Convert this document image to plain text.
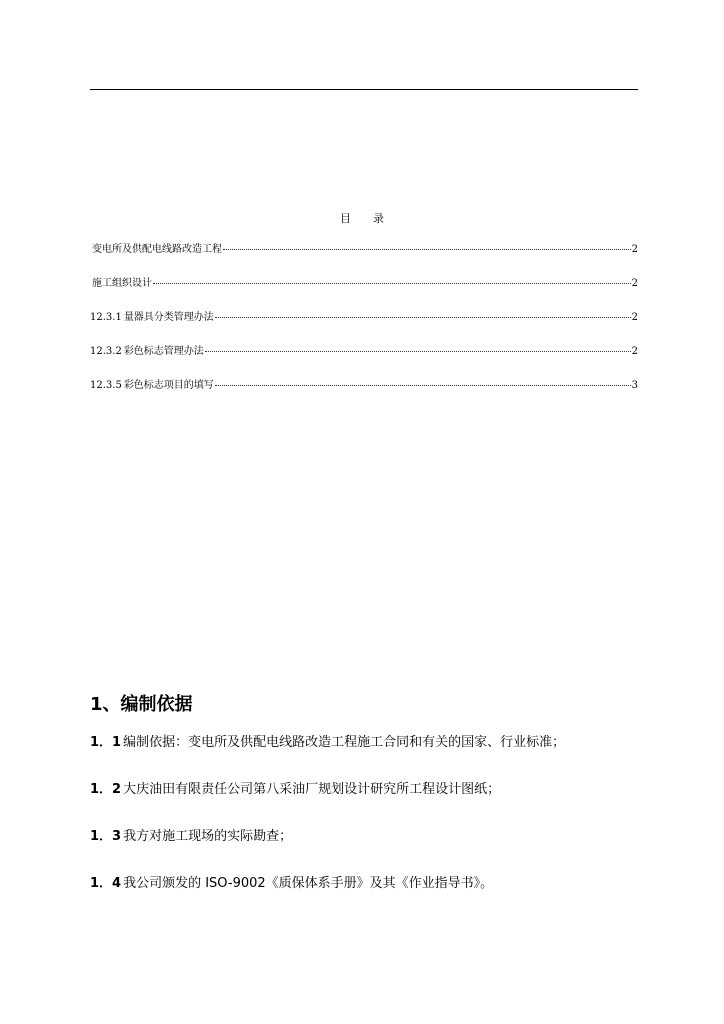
目 录
变电所及供配电线路改造工程	2
施工组织设计	2
12.3.1 量器具分类管理办法	2
12.3.2 彩色标志管理办法	2
12.3.5 彩色标志项目的填写	3
1、编制依据
1．1 编制依据：变电所及供配电线路改造工程施工合同和有关的国家、行业标准；
1．2 大庆油田有限责任公司第八采油厂规划设计研究所工程设计图纸；
1．3 我方对施工现场的实际勘查；
1．4 我公司颁发的 ISO-9002《质保体系手册》及其《作业指导书》。
